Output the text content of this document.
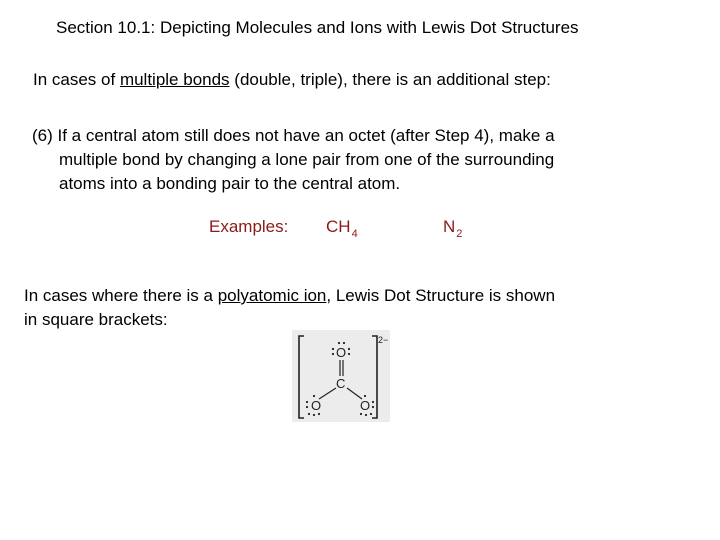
Section 10.1: Depicting Molecules and Ions with Lewis Dot Structures
In cases of multiple bonds (double, triple), there is an additional step:
(6) If a central atom still does not have an octet (after Step 4), make a
multiple bond by changing a lone pair from one of the surrounding
atoms into a bonding pair to the central atom.
Examples: $CH_4$	$N_2$
In cases where there is a polyatomic ion, Lewis Dot Structure is shown
in square brackets:
2−
O
C
O	O
